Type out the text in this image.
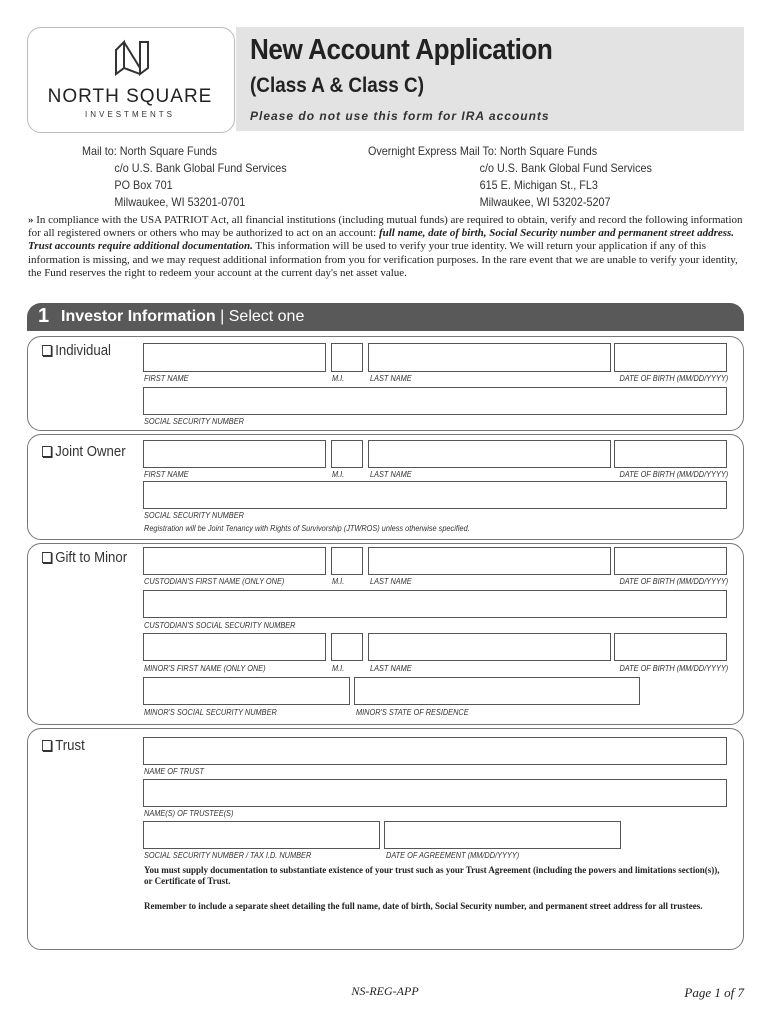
NORTH SQUARE
INVESTMENTS
New Account Application
(Class A & Class C)
Please do not use this form for IRA accounts
Mail to: North Square Funds
c/o U.S. Bank Global Fund Services
PO Box 701
Milwaukee, WI 53201-0701
Overnight Express Mail To: North Square Funds
c/o U.S. Bank Global Fund Services
615 E. Michigan St., FL3
Milwaukee, WI 53202-5207
» In compliance with the USA PATRIOT Act, all financial institutions (including mutual funds) are required to obtain, verify and record the following information for all registered owners or others who may be authorized to act on an account: full name, date of birth, Social Security number and permanent street address. Trust accounts require additional documentation. This information will be used to verify your true identity. We will return your application if any of this information is missing, and we may request additional information from you for verification purposes. In the rare event that we are unable to verify your identity, the Fund reserves the right to redeem your account at the current day's net asset value.
1 Investor Information | Select one
Individual
FIRST NAME	M.I.	LAST NAME	DATE OF BIRTH (MM/DD/YYYY)
SOCIAL SECURITY NUMBER
Joint Owner
FIRST NAME	M.I.	LAST NAME	DATE OF BIRTH (MM/DD/YYYY)
SOCIAL SECURITY NUMBER
Registration will be Joint Tenancy with Rights of Survivorship (JTWROS) unless otherwise specified.
Gift to Minor
CUSTODIAN'S FIRST NAME (ONLY ONE)	M.I.	LAST NAME	DATE OF BIRTH (MM/DD/YYYY)
CUSTODIAN'S SOCIAL SECURITY NUMBER
MINOR'S FIRST NAME (ONLY ONE)	M.I.	LAST NAME	DATE OF BIRTH (MM/DD/YYYY)
MINOR'S SOCIAL SECURITY NUMBER	MINOR'S STATE OF RESIDENCE
Trust
NAME OF TRUST
NAME(S) OF TRUSTEE(S)
SOCIAL SECURITY NUMBER / TAX I.D. NUMBER	DATE OF AGREEMENT (MM/DD/YYYY)
You must supply documentation to substantiate existence of your trust such as your Trust Agreement (including the powers and limitations section(s)), or Certificate of Trust.
Remember to include a separate sheet detailing the full name, date of birth, Social Security number, and permanent street address for all trustees.
NS-REG-APP	Page 1 of 7
